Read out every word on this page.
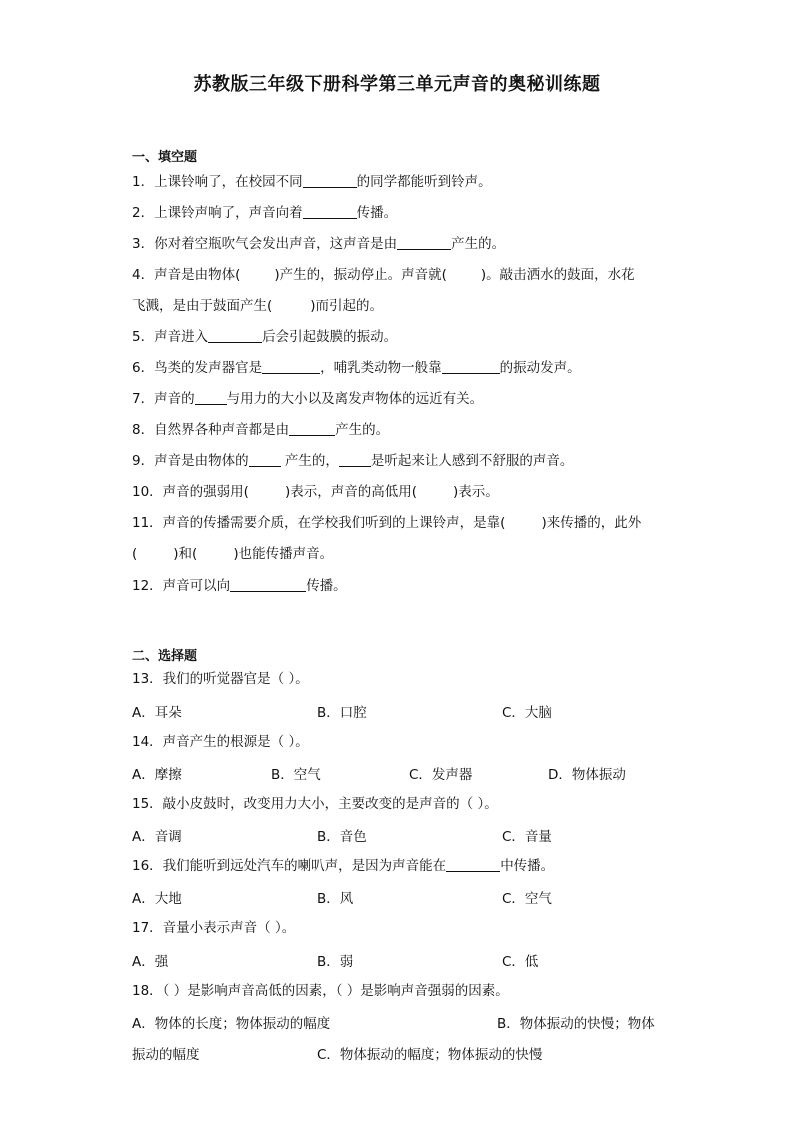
苏教版三年级下册科学第三单元声音的奥秘训练题
一、填空题
1．上课铃响了，在校园不同	的同学都能听到铃声。
2．上课铃声响了，声音向着	传播。
3．你对着空瓶吹气会发出声音，这声音是由	产生的。
4．声音是由物体(	)产生的，振动停止。声音就(	)。敲击洒水的鼓面，水花
飞溅，是由于鼓面产生(	)而引起的。
5．声音进入	后会引起鼓膜的振动。
6．鸟类的发声器官是	，哺乳类动物一般靠	的振动发声。
7．声音的 与用力的大小以及离发声物体的远近有关。
8．自然界各种声音都是由	产生的。
9．声音是由物体的 产生的， 是听起来让人感到不舒服的声音。
10．声音的强弱用(	)表示，声音的高低用(	)表示。
11．声音的传播需要介质，在学校我们听到的上课铃声，是靠(	)来传播的，此外
(	)和(	)也能传播声音。
12．声音可以向	传播。
二、选择题
13．我们的听觉器官是（ ）。
A．耳朵	B．口腔	C．大脑
14．声音产生的根源是（ ）。
A．摩擦	B．空气	C．发声器	D．物体振动
15．敲小皮鼓时，改变用力大小，主要改变的是声音的（ ）。
A．音调	B．音色	C．音量
16．我们能听到远处汽车的喇叭声，是因为声音能在	中传播。
A．大地	B．风	C．空气
17．音量小表示声音（ ）。
A．强	B．弱	C．低
18．（ ）是影响声音高低的因素，（ ）是影响声音强弱的因素。
A．物体的长度；物体振动的幅度	B．物体振动的快慢；物体
振动的幅度	C．物体振动的幅度；物体振动的快慢
